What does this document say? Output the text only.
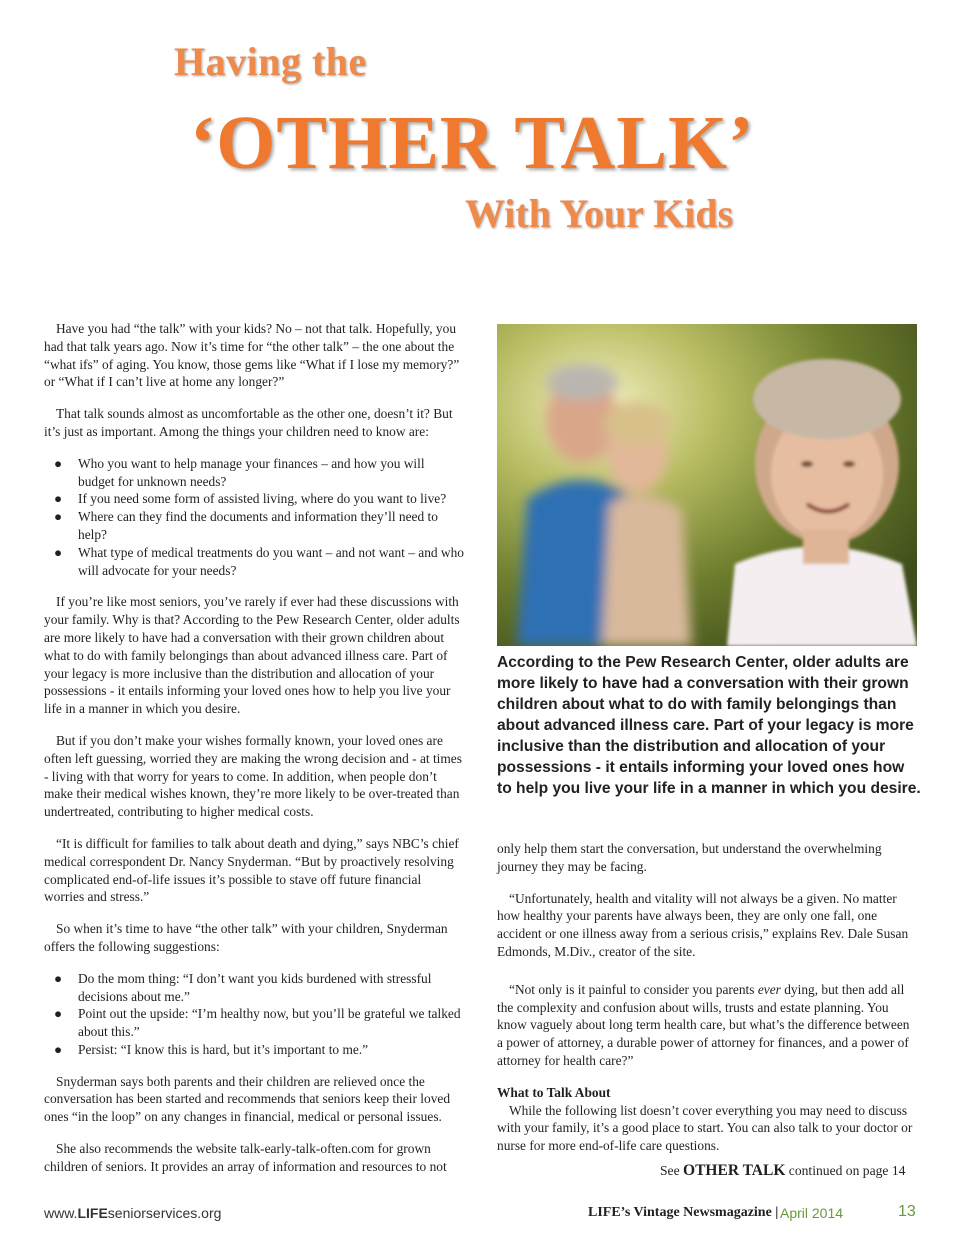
Having the
‘OTHER TALK’
With Your Kids

Have you had “the talk” with your kids? No – not that talk. Hopefully, you had that talk years ago. Now it’s time for “the other talk” – the one about the “what ifs” of aging. You know, those gems like “What if I lose my memory?” or “What if I can’t live at home any longer?”

That talk sounds almost as uncomfortable as the other one, doesn’t it? But it’s just as important. Among the things your children need to know are:

● Who you want to help manage your finances – and how you will budget for unknown needs?
● If you need some form of assisted living, where do you want to live?
● Where can they find the documents and information they’ll need to help?
● What type of medical treatments do you want – and not want – and who will advocate for your needs?

If you’re like most seniors, you’ve rarely if ever had these discussions with your family. Why is that? According to the Pew Research Center, older adults are more likely to have had a conversation with their grown children about what to do with family belongings than about advanced illness care. Part of your legacy is more inclusive than the distribution and allocation of your possessions - it entails informing your loved ones how to help you live your life in a manner in which you desire.

But if you don’t make your wishes formally known, your loved ones are often left guessing, worried they are making the wrong decision and - at times - living with that worry for years to come. In addition, when people don’t make their medical wishes known, they’re more likely to be over-treated than undertreated, contributing to higher medical costs.

“It is difficult for families to talk about death and dying,” says NBC’s chief medical correspondent Dr. Nancy Snyderman. “But by proactively resolving complicated end-of-life issues it’s possible to stave off future financial worries and stress.”

So when it’s time to have “the other talk” with your children, Snyderman offers the following suggestions:

● Do the mom thing: “I don’t want you kids burdened with stressful decisions about me.”
● Point out the upside: “I’m healthy now, but you’ll be grateful we talked about this.”
● Persist: “I know this is hard, but it’s important to me.”

Snyderman says both parents and their children are relieved once the conversation has been started and recommends that seniors keep their loved ones “in the loop” on any changes in financial, medical or personal issues.

She also recommends the website talk-early-talk-often.com for grown children of seniors. It provides an array of information and resources to not

According to the Pew Research Center, older adults are more likely to have had a conversation with their grown children about what to do with family belongings than about advanced illness care. Part of your legacy is more inclusive than the distribution and allocation of your possessions - it entails informing your loved ones how to help you live your life in a manner in which you desire.

only help them start the conversation, but understand the overwhelming journey they may be facing.

“Unfortunately, health and vitality will not always be a given. No matter how healthy your parents have always been, they are only one fall, one accident or one illness away from a serious crisis,” explains Rev. Dale Susan Edmonds, M.Div., creator of the site.

“Not only is it painful to consider you parents ever dying, but then add all the complexity and confusion about wills, trusts and estate planning. You know vaguely about long term health care, but what’s the difference between a power of attorney, a durable power of attorney for finances, and a power of attorney for health care?”

What to Talk About

While the following list doesn’t cover everything you may need to discuss with your family, it’s a good place to start. You can also talk to your doctor or nurse for more end-of-life care questions.

See OTHER TALK continued on page 14
www.LIFEseniorservices.org	LIFE’s Vintage Newsmagazine | April 2014	13
